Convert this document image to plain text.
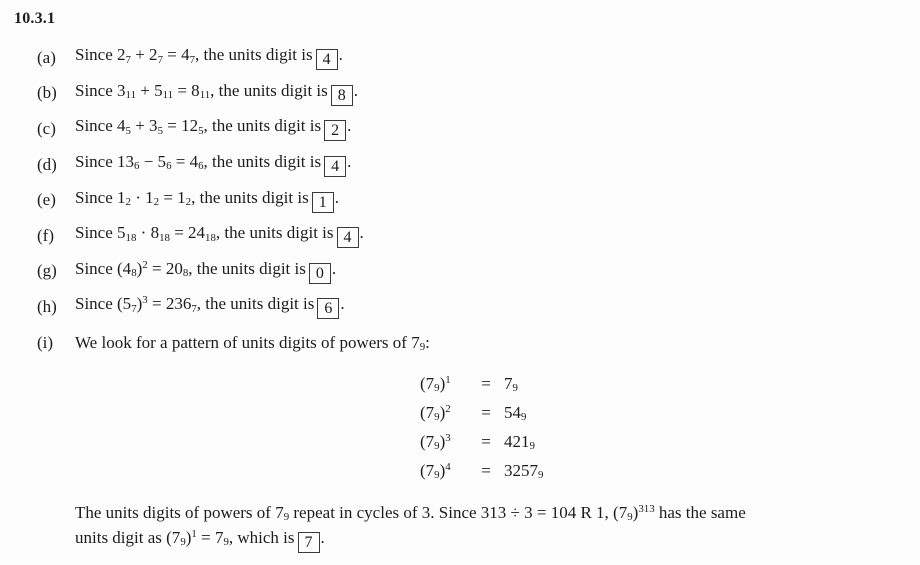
10.3.1
(a)	Since $2_7 + 2_7 = 4_7$, the units digit is 4 .
(b)	Since $3_{11} + 5_{11} = 8_{11}$, the units digit is 8 .
(c)	Since $4_5 + 3_5 = 12_5$, the units digit is 2 .
(d)	Since $13_6 - 5_6 = 4_6$, the units digit is 4 .
(e)	Since $1_2 \cdot 1_2 = 1_2$, the units digit is 1 .
(f)	Since $5_{18} \cdot 8_{18} = 24_{18}$, the units digit is 4 .
(g)	Since $(4_8)^2 = 20_8$, the units digit is 0 .
(h)	Since $(5_7)^3 = 236_7$, the units digit is 6 .
(i)	We look for a pattern of units digits of powers of $7_9$:
$(7_9)^1$	= $7_9$
$(7_9)^2$	= $54_9$
$(7_9)^3$	= $421_9$
$(7_9)^4$	= $3257_9$
The units digits of powers of $7_9$ repeat in cycles of 3. Since 313 ÷ 3 = 104 R 1, $(7_9)^{313}$ has the same
units digit as $(7_9)^1 = 7_9$, which is 7 .
